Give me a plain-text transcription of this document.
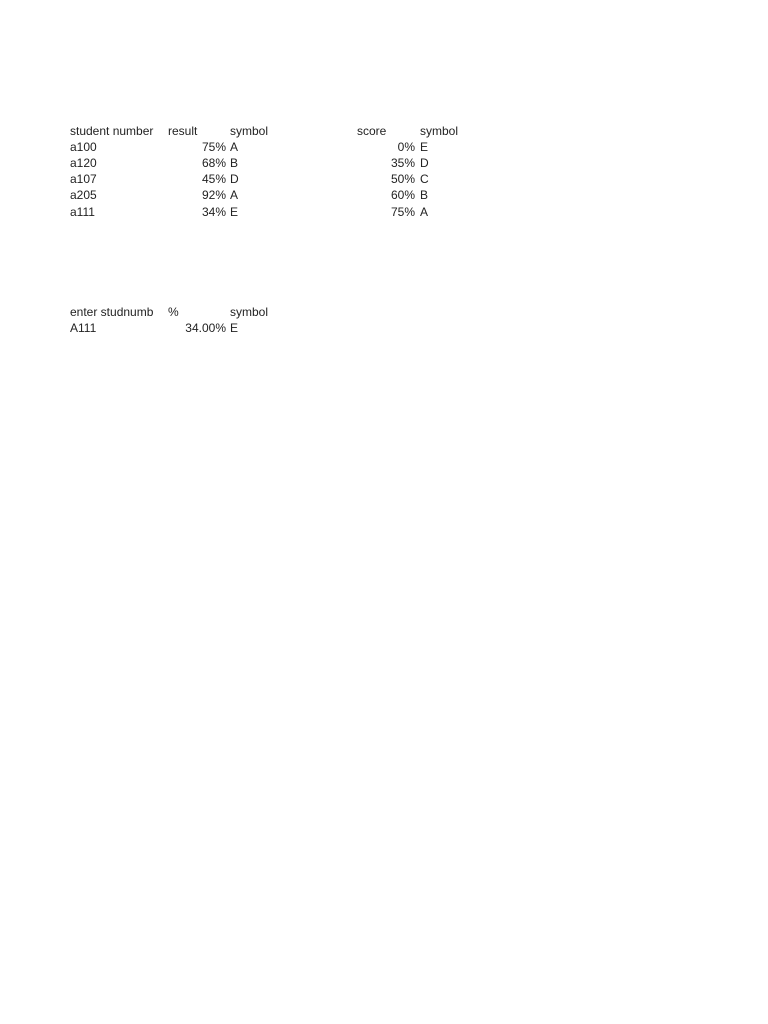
student number result	symbol	score	symbol
a100	75% A	0% E
a120	68% B	35% D
a107	45% D	50% C
a205	92% A	60% B
a111	34% E	75% A
enter studnumb %	symbol
A111	34.00% E
